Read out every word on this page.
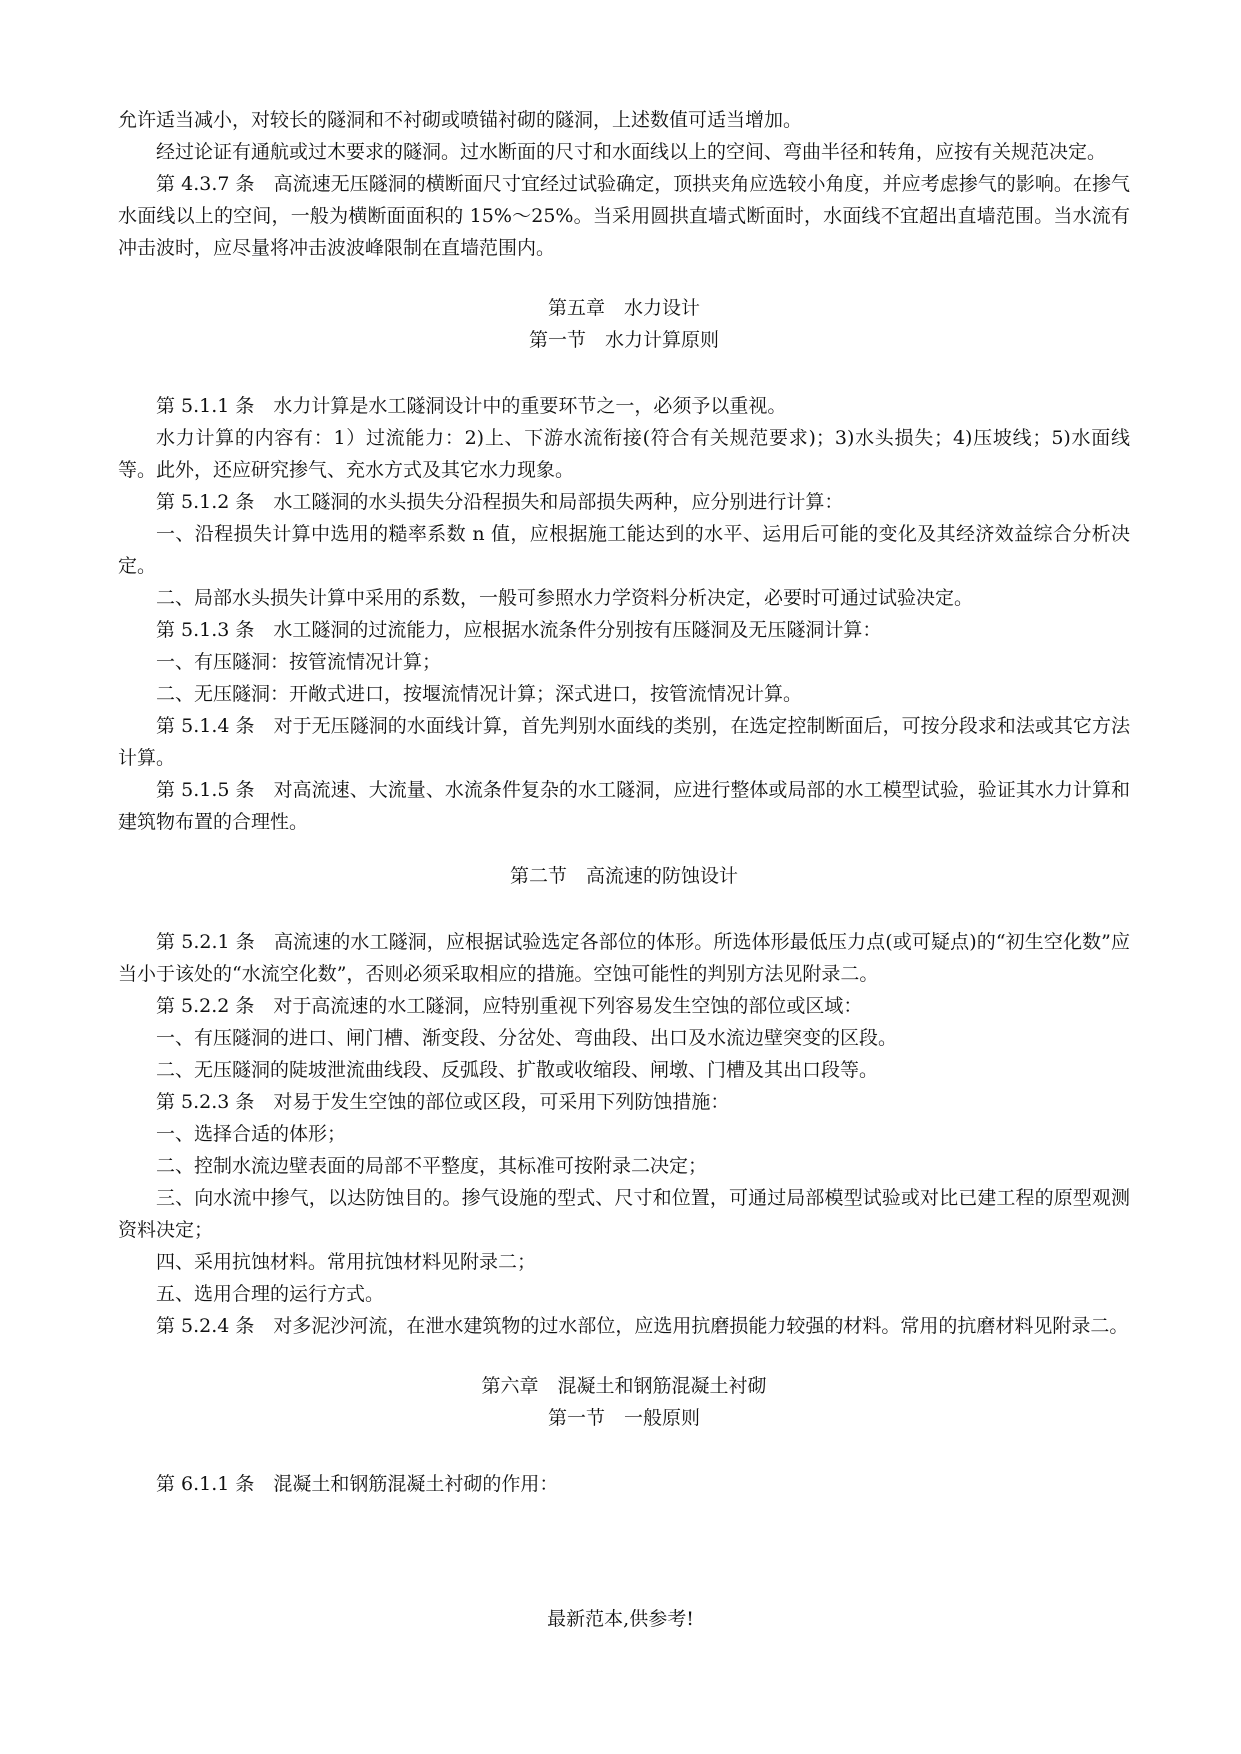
允许适当减小，对较长的隧洞和不衬砌或喷锚衬砌的隧洞，上述数值可适当增加。

经过论证有通航或过木要求的隧洞。过水断面的尺寸和水面线以上的空间、弯曲半径和转角，应按有关规范决定。

第 4.3.7 条　高流速无压隧洞的横断面尺寸宜经过试验确定，顶拱夹角应选较小角度，并应考虑掺气的影响。在掺气水面线以上的空间，一般为横断面面积的 15%～25%。当采用圆拱直墙式断面时，水面线不宜超出直墙范围。当水流有冲击波时，应尽量将冲击波波峰限制在直墙范围内。

第五章　水力设计

第一节　水力计算原则

第 5.1.1 条　水力计算是水工隧洞设计中的重要环节之一，必须予以重视。

水力计算的内容有：1）过流能力：2)上、下游水流衔接(符合有关规范要求)；3)水头损失；4)压坡线；5)水面线等。此外，还应研究掺气、充水方式及其它水力现象。

第 5.1.2 条　水工隧洞的水头损失分沿程损失和局部损失两种，应分别进行计算：

一、沿程损失计算中选用的糙率系数 n 值，应根据施工能达到的水平、运用后可能的变化及其经济效益综合分析决定。

二、局部水头损失计算中采用的系数，一般可参照水力学资料分析决定，必要时可通过试验决定。

第 5.1.3 条　水工隧洞的过流能力，应根据水流条件分别按有压隧洞及无压隧洞计算：

一、有压隧洞：按管流情况计算；

二、无压隧洞：开敞式进口，按堰流情况计算；深式进口，按管流情况计算。

第 5.1.4 条　对于无压隧洞的水面线计算，首先判别水面线的类别，在选定控制断面后，可按分段求和法或其它方法计算。

第 5.1.5 条　对高流速、大流量、水流条件复杂的水工隧洞，应进行整体或局部的水工模型试验，验证其水力计算和建筑物布置的合理性。

第二节　高流速的防蚀设计

第 5.2.1 条　高流速的水工隧洞，应根据试验选定各部位的体形。所选体形最低压力点(或可疑点)的“初生空化数”应当小于该处的“水流空化数”，否则必须采取相应的措施。空蚀可能性的判别方法见附录二。

第 5.2.2 条　对于高流速的水工隧洞，应特别重视下列容易发生空蚀的部位或区域：

一、有压隧洞的进口、闸门槽、渐变段、分岔处、弯曲段、出口及水流边壁突变的区段。

二、无压隧洞的陡坡泄流曲线段、反弧段、扩散或收缩段、闸墩、门槽及其出口段等。

第 5.2.3 条　对易于发生空蚀的部位或区段，可采用下列防蚀措施：

一、选择合适的体形；

二、控制水流边壁表面的局部不平整度，其标准可按附录二决定；

三、向水流中掺气，以达防蚀目的。掺气设施的型式、尺寸和位置，可通过局部模型试验或对比已建工程的原型观测资料决定；

四、采用抗蚀材料。常用抗蚀材料见附录二；

五、选用合理的运行方式。

第 5.2.4 条　对多泥沙河流，在泄水建筑物的过水部位，应选用抗磨损能力较强的材料。常用的抗磨材料见附录二。

第六章　混凝土和钢筋混凝土衬砌

第一节　一般原则

第 6.1.1 条　混凝土和钢筋混凝土衬砌的作用：

最新范本,供参考!
